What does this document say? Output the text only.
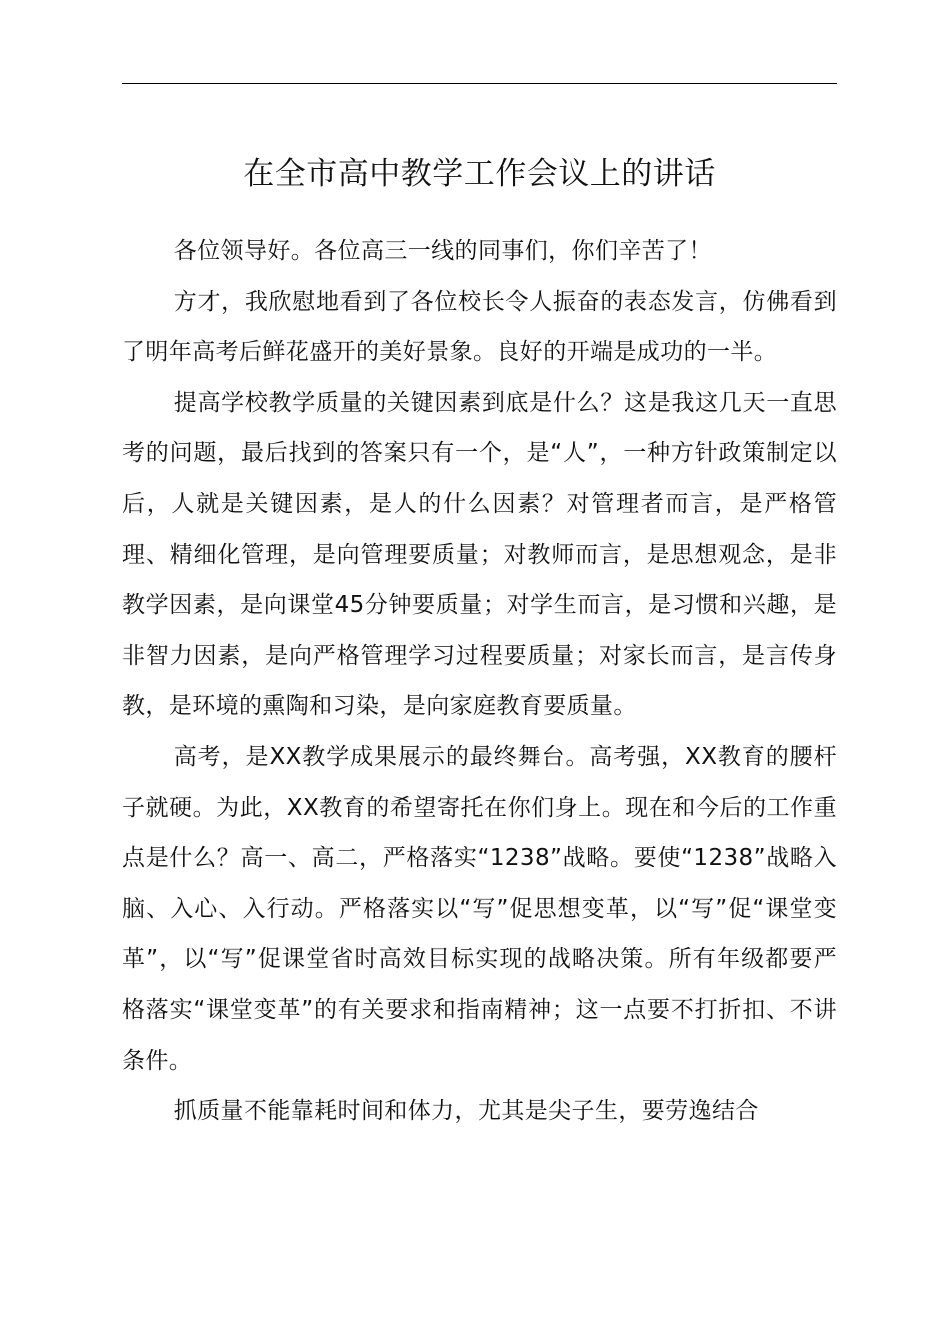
在全市高中教学工作会议上的讲话

各位领导好。各位高三一线的同事们，你们辛苦了！

方才，我欣慰地看到了各位校长令人振奋的表态发言，仿佛看到了明年高考后鲜花盛开的美好景象。良好的开端是成功的一半。

提高学校教学质量的关键因素到底是什么？这是我这几天一直思考的问题，最后找到的答案只有一个，是“人”，一种方针政策制定以后，人就是关键因素，是人的什么因素？对管理者而言，是严格管理、精细化管理，是向管理要质量；对教师而言，是思想观念，是非教学因素，是向课堂45分钟要质量；对学生而言，是习惯和兴趣，是非智力因素，是向严格管理学习过程要质量；对家长而言，是言传身教，是环境的熏陶和习染，是向家庭教育要质量。

高考，是XX教学成果展示的最终舞台。高考强，XX教育的腰杆子就硬。为此，XX教育的希望寄托在你们身上。现在和今后的工作重点是什么？高一、高二，严格落实“1238”战略。要使“1238”战略入脑、入心、入行动。严格落实以“写”促思想变革，以“写”促“课堂变革”，以“写”促课堂省时高效目标实现的战略决策。所有年级都要严格落实“课堂变革”的有关要求和指南精神；这一点要不打折扣、不讲条件。

抓质量不能靠耗时间和体力，尤其是尖子生，要劳逸结合
